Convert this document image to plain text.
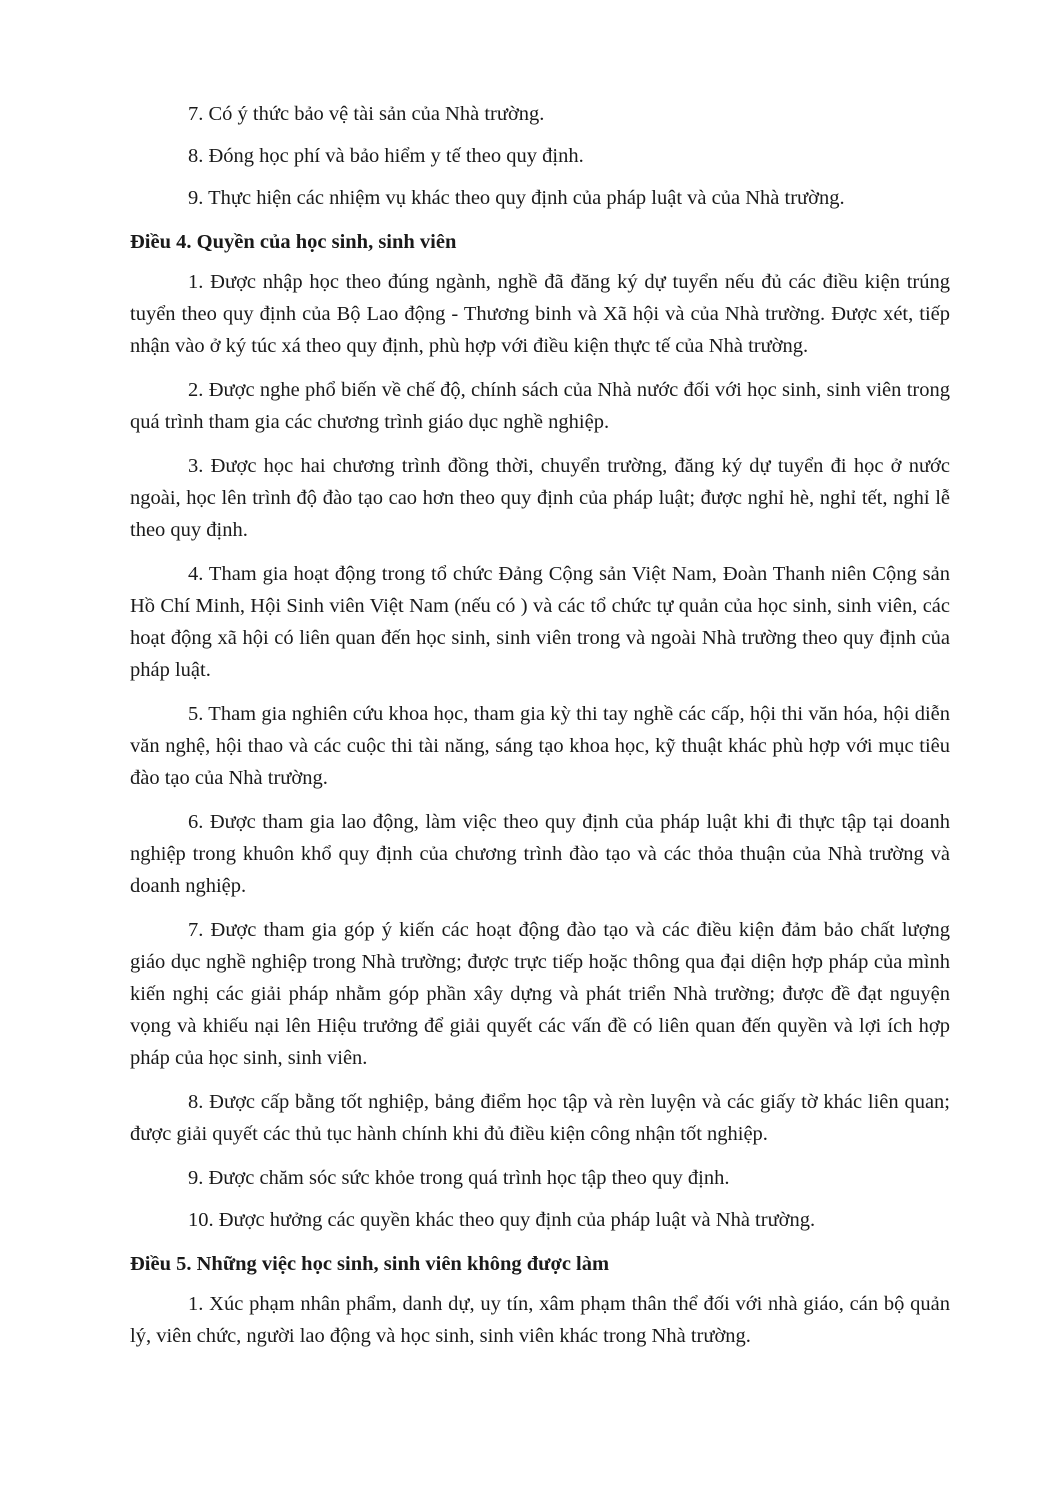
7. Có ý thức bảo vệ tài sản của Nhà trường.

8. Đóng học phí và bảo hiểm y tế theo quy định.

9. Thực hiện các nhiệm vụ khác theo quy định của pháp luật và của Nhà trường.

Điều 4. Quyền của học sinh, sinh viên

1. Được nhập học theo đúng ngành, nghề đã đăng ký dự tuyển nếu đủ các điều kiện trúng tuyển theo quy định của Bộ Lao động - Thương binh và Xã hội và của Nhà trường. Được xét, tiếp nhận vào ở ký túc xá theo quy định, phù hợp với điều kiện thực tế của Nhà trường.

2. Được nghe phổ biến về chế độ, chính sách của Nhà nước đối với học sinh, sinh viên trong quá trình tham gia các chương trình giáo dục nghề nghiệp.

3. Được học hai chương trình đồng thời, chuyển trường, đăng ký dự tuyển đi học ở nước ngoài, học lên trình độ đào tạo cao hơn theo quy định của pháp luật; được nghỉ hè, nghỉ tết, nghỉ lễ theo quy định.

4. Tham gia hoạt động trong tổ chức Đảng Cộng sản Việt Nam, Đoàn Thanh niên Cộng sản Hồ Chí Minh, Hội Sinh viên Việt Nam (nếu có ) và các tổ chức tự quản của học sinh, sinh viên, các hoạt động xã hội có liên quan đến học sinh, sinh viên trong và ngoài Nhà trường theo quy định của pháp luật.

5. Tham gia nghiên cứu khoa học, tham gia kỳ thi tay nghề các cấp, hội thi văn hóa, hội diễn văn nghệ, hội thao và các cuộc thi tài năng, sáng tạo khoa học, kỹ thuật khác phù hợp với mục tiêu đào tạo của Nhà trường.

6. Được tham gia lao động, làm việc theo quy định của pháp luật khi đi thực tập tại doanh nghiệp trong khuôn khổ quy định của chương trình đào tạo và các thỏa thuận của Nhà trường và doanh nghiệp.

7. Được tham gia góp ý kiến các hoạt động đào tạo và các điều kiện đảm bảo chất lượng giáo dục nghề nghiệp trong Nhà trường; được trực tiếp hoặc thông qua đại diện hợp pháp của mình kiến nghị các giải pháp nhằm góp phần xây dựng và phát triển Nhà trường; được đề đạt nguyện vọng và khiếu nại lên Hiệu trưởng để giải quyết các vấn đề có liên quan đến quyền và lợi ích hợp pháp của học sinh, sinh viên.

8. Được cấp bằng tốt nghiệp, bảng điểm học tập và rèn luyện và các giấy tờ khác liên quan; được giải quyết các thủ tục hành chính khi đủ điều kiện công nhận tốt nghiệp.

9. Được chăm sóc sức khỏe trong quá trình học tập theo quy định.

10. Được hưởng các quyền khác theo quy định của pháp luật và Nhà trường.

Điều 5. Những việc học sinh, sinh viên không được làm

1. Xúc phạm nhân phẩm, danh dự, uy tín, xâm phạm thân thể đối với nhà giáo, cán bộ quản lý, viên chức, người lao động và học sinh, sinh viên khác trong Nhà trường.
